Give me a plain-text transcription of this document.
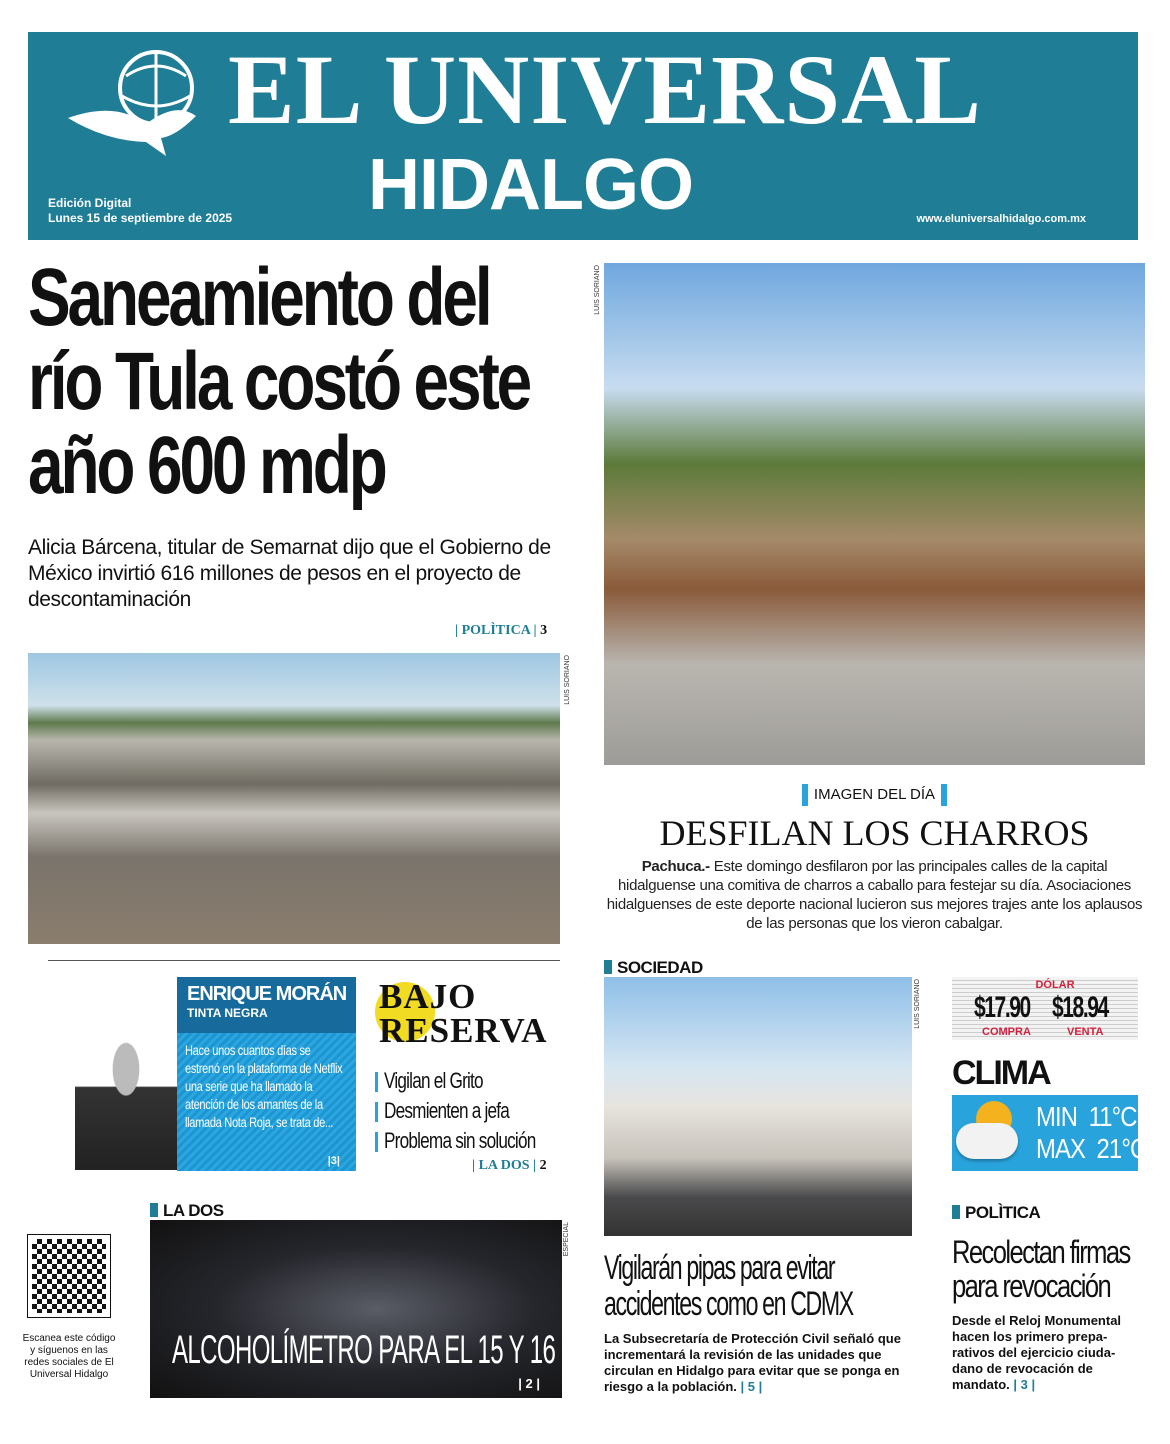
EL UNIVERSAL
HIDALGO
Edición Digital
Lunes 15 de septiembre de 2025	www.eluniversalhidalgo.com.mx
Saneamiento del
río Tula costó este
año 600 mdp
Alicia Bárcena, titular de Semarnat dijo que el Gobierno de México invirtió 616 millones de pesos en el proyecto de descontaminación
| POLÌTICA | 3
LUIS SORIANO
LUIS SORIANO
IMAGEN DEL DÍA
DESFILAN LOS CHARROS
Pachuca.- Este domingo desfilaron por las principales calles de la capital hidalguense una comitiva de charros a caballo para festejar su día. Asociaciones hidalguenses de este deporte nacional lucieron sus mejores trajes ante los aplausos de las personas que los vieron cabalgar.
ENRIQUE MORÁN
TINTA NEGRA
Hace unos cuantos días se estrenó en la plataforma de Netflix una serie que ha llamado la atención de los amantes de la llamada Nota Roja, se trata de...
|3|
BAJO
RESERVA
Vigilan el Grito
Desmienten a jefa
Problema sin solución
| LA DOS | 2
Escanea este código y síguenos en las redes sociales de El Universal Hidalgo
LA DOS
ALCOHOLÍMETRO PARA EL 15 Y 16
| 2 |
ESPECIAL
SOCIEDAD
LUIS SORIANO
Vigilarán pipas para evitar
accidentes como en CDMX
La Subsecretaría de Protección Civil señaló que incrementará la revisión de las unidades que circulan en Hidalgo para evitar que se ponga en riesgo a la población. | 5 |
DÓLAR
$17.90 $18.94
COMPRA	VENTA
CLIMA
MIN  11°C
MAX  21°C
POLÌTICA
Recolectan firmas
para revocación
Desde el Reloj Monumental hacen los primero prepa-rativos del ejercicio ciuda-dano de revocación de mandato. | 3 |
